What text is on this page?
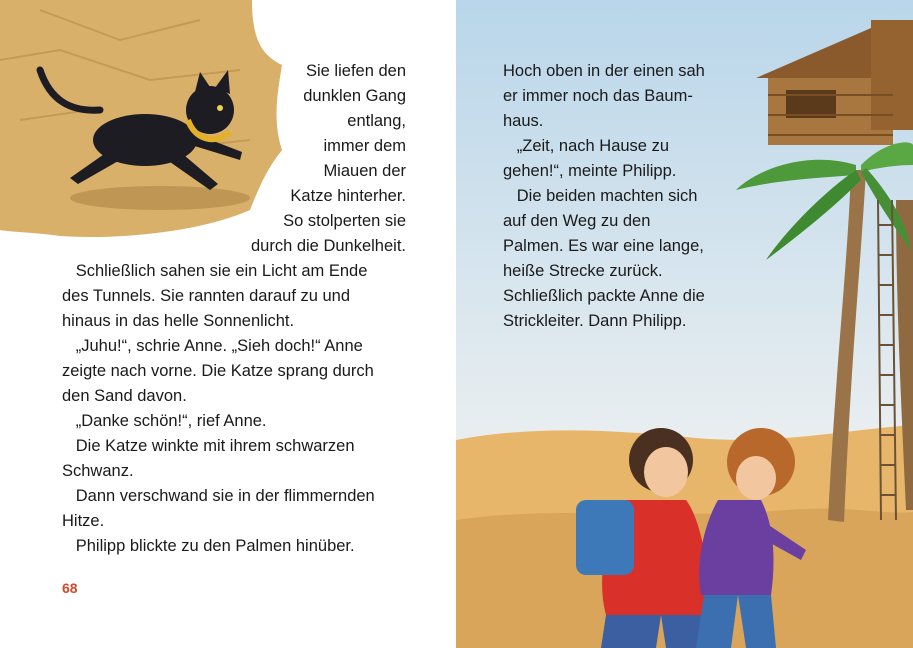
Sie liefen den

dunklen Gang

entlang,

immer dem

Miauen der

Katze hinterher.

So stolperten sie

durch die Dunkelheit.

Schließlich sahen sie ein Licht am Ende

des Tunnels. Sie rannten darauf zu und

hinaus in das helle Sonnenlicht.

„Juhu!“, schrie Anne. „Sieh doch!“ Anne

zeigte nach vorne. Die Katze sprang durch

den Sand davon.

„Danke schön!“, rief Anne.

Die Katze winkte mit ihrem schwarzen

Schwanz.

Dann verschwand sie in der flimmernden

Hitze.

Philipp blickte zu den Palmen hinüber.

68

Hoch oben in der einen sah

er immer noch das Baum-

haus.

„Zeit, nach Hause zu

gehen!“, meinte Philipp.

Die beiden machten sich

auf den Weg zu den

Palmen. Es war eine lange,

heiße Strecke zurück.

Schließlich packte Anne die

Strickleiter. Dann Philipp.
